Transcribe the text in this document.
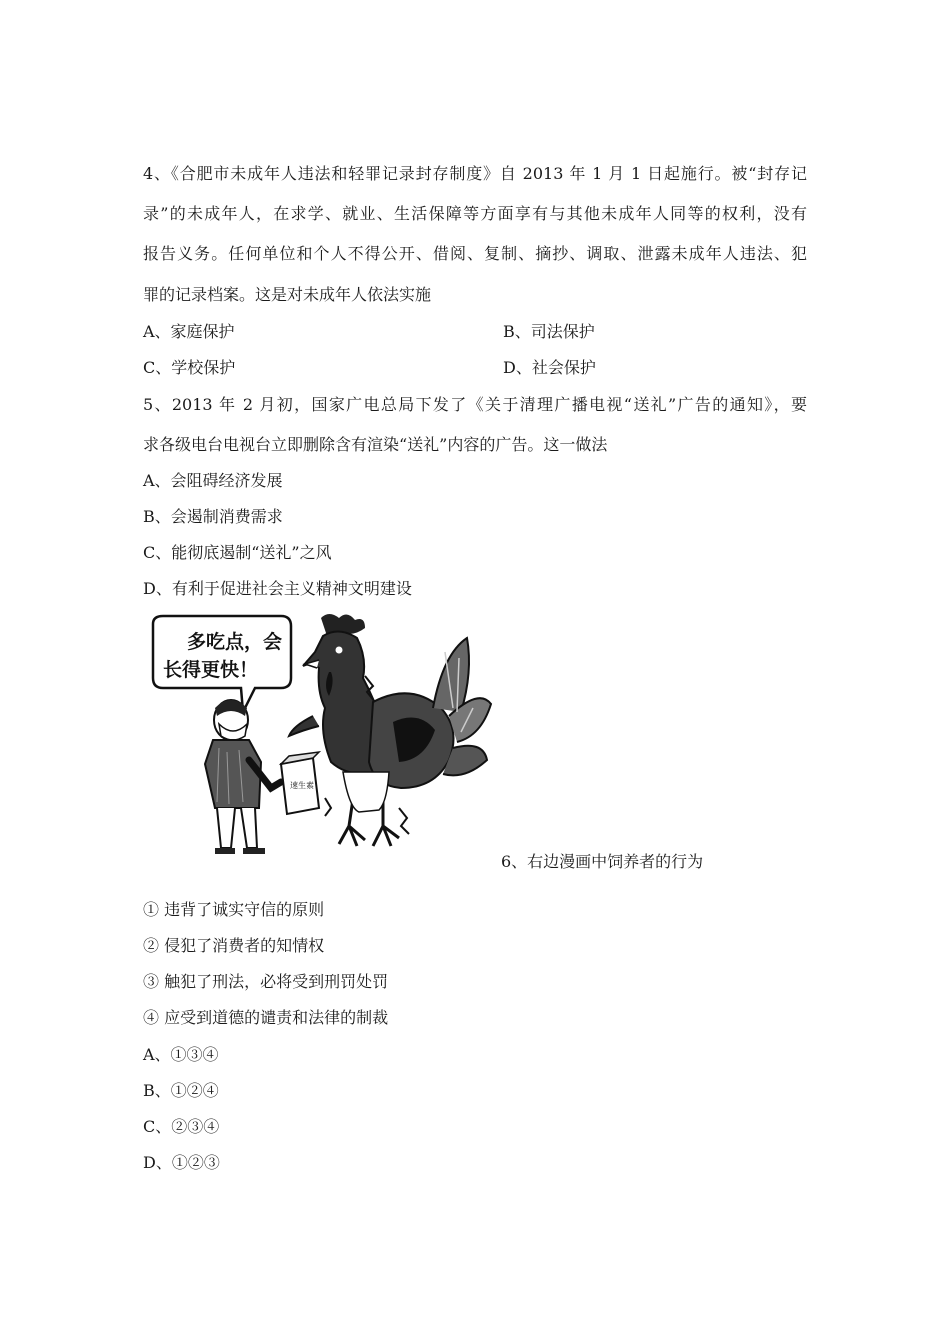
4、《合肥市未成年人违法和轻罪记录封存制度》自 2013 年 1 月 1 日起施行。被“封存记
录”的未成年人，在求学、就业、生活保障等方面享有与其他未成年人同等的权利，没有
报告义务。任何单位和个人不得公开、借阅、复制、摘抄、调取、泄露未成年人违法、犯
罪的记录档案。这是对未成年人依法实施
A、家庭保护	B、司法保护
C、学校保护	D、社会保护
5、2013 年 2 月初，国家广电总局下发了《关于清理广播电视“送礼”广告的通知》，要
求各级电台电视台立即删除含有渲染“送礼”内容的广告。这一做法
A、会阻碍经济发展
B、会遏制消费需求
C、能彻底遏制“送礼”之风
D、有利于促进社会主义精神文明建设
多吃点，会
长得更快！
速生素
6、右边漫画中饲养者的行为
① 违背了诚实守信的原则
② 侵犯了消费者的知情权
③ 触犯了刑法，必将受到刑罚处罚
④ 应受到道德的谴责和法律的制裁
A、①③④
B、①②④
C、②③④
D、①②③
